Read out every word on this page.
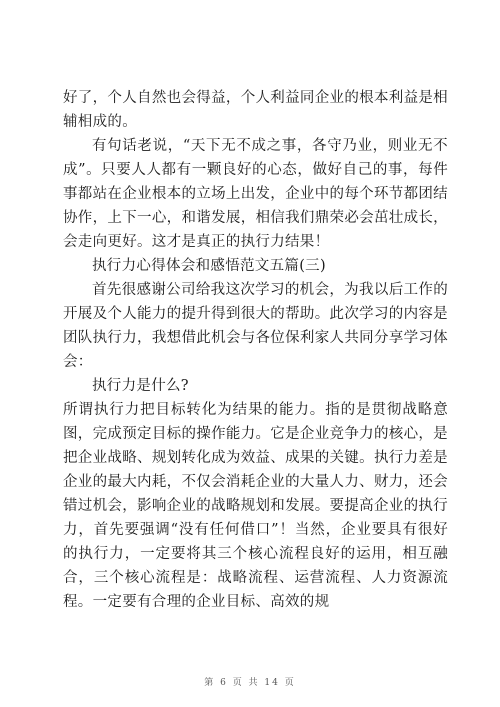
好了，个人自然也会得益，个人利益同企业的根本利益是相辅相成的。

有句话老说，“天下无不成之事，各守乃业，则业无不成”。只要人人都有一颗良好的心态，做好自己的事，每件事都站在企业根本的立场上出发，企业中的每个环节都团结协作，上下一心，和谐发展，相信我们鼎荣必会茁壮成长，会走向更好。这才是真正的执行力结果！

执行力心得体会和感悟范文五篇(三)

首先很感谢公司给我这次学习的机会，为我以后工作的开展及个人能力的提升得到很大的帮助。此次学习的内容是团队执行力，我想借此机会与各位保利家人共同分享学习体会：

执行力是什么?

所谓执行力把目标转化为结果的能力。指的是贯彻战略意图，完成预定目标的操作能力。它是企业竞争力的核心，是把企业战略、规划转化成为效益、成果的关键。执行力差是企业的最大内耗，不仅会消耗企业的大量人力、财力，还会错过机会，影响企业的战略规划和发展。要提高企业的执行力，首先要强调“没有任何借口”！当然，企业要具有很好的执行力，一定要将其三个核心流程良好的运用，相互融合，三个核心流程是：战略流程、运营流程、人力资源流程。一定要有合理的企业目标、高效的规

第 6 页 共 14 页
